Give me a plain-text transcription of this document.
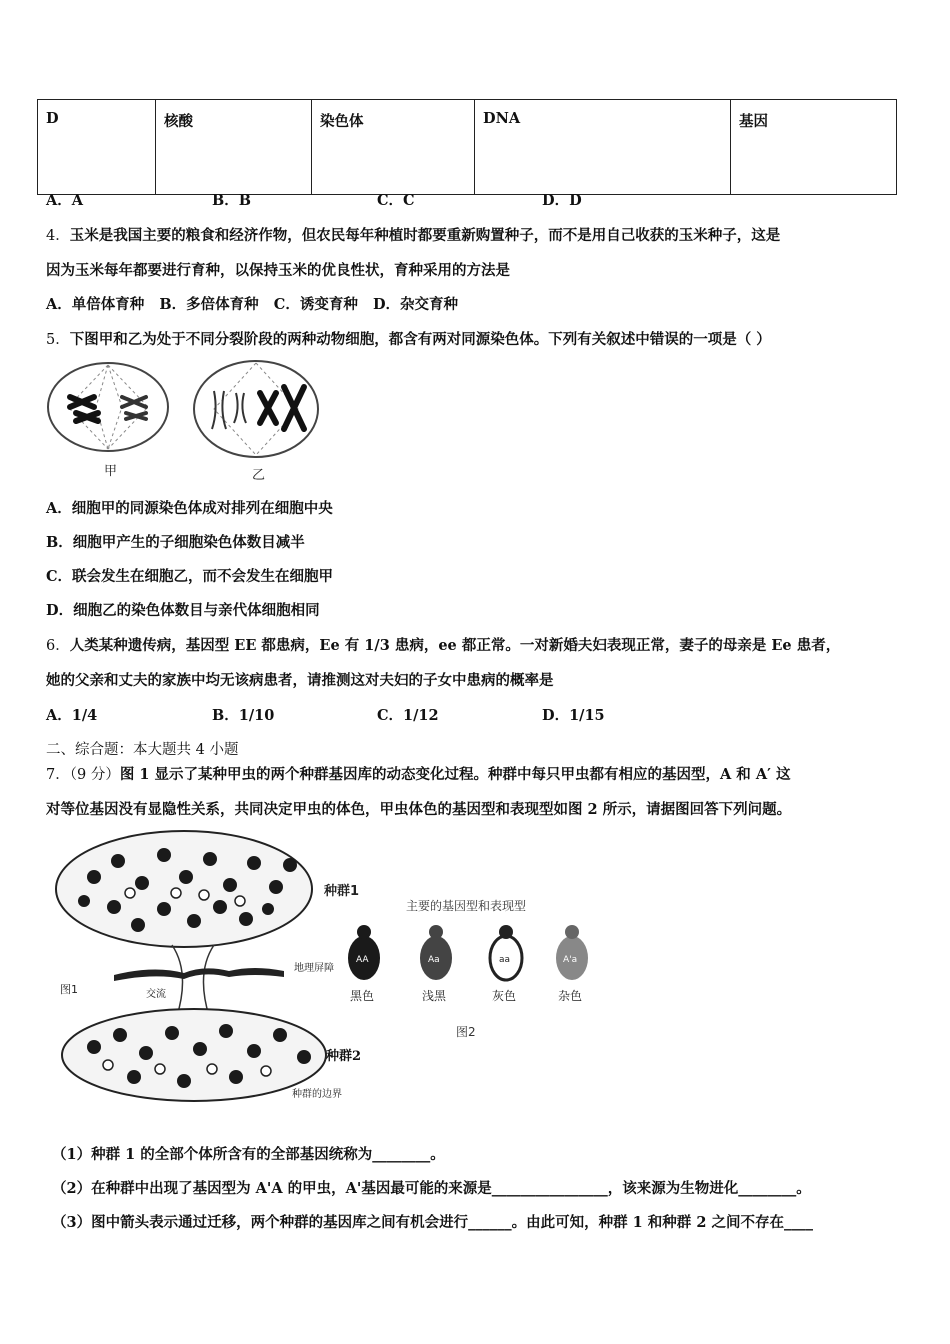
D	核酸	染色体	DNA	基因
A．A	B．B	C．C	D．D
4．玉米是我国主要的粮食和经济作物，但农民每年种植时都要重新购置种子，而不是用自己收获的玉米种子，这是
因为玉米每年都要进行育种，以保持玉米的优良性状，育种采用的方法是
A．单倍体育种   B．多倍体育种   C．诱变育种   D．杂交育种
5．下图甲和乙为处于不同分裂阶段的两种动物细胞，都含有两对同源染色体。下列有关叙述中错误的一项是（ ）
甲	乙
A．细胞甲的同源染色体成对排列在细胞中央
B．细胞甲产生的子细胞染色体数目减半
C．联会发生在细胞乙，而不会发生在细胞甲
D．细胞乙的染色体数目与亲代体细胞相同
6．人类某种遗传病，基因型 EE 都患病，Ee 有 1/3 患病，ee 都正常。一对新婚夫妇表现正常，妻子的母亲是 Ee 患者，
她的父亲和丈夫的家族中均无该病患者，请推测这对夫妇的子女中患病的概率是
A．1/4	B．1/10	C．1/12	D．1/15
二、综合题：本大题共 4 小题
7．（9 分）图 1 显示了某种甲虫的两个种群基因库的动态变化过程。种群中每只甲虫都有相应的基因型，A 和 A′ 这
对等位基因没有显隐性关系，共同决定甲虫的体色，甲虫体色的基因型和表现型如图 2 所示，请据图回答下列问题。
种群1
地理屏障
交流
图1
种群的边界
种群2
主要的基因型和表现型
AA
黑色
Aa
浅黑
aa
灰色
A'a
杂色
图2
（1）种群 1 的全部个体所含有的全部基因统称为________。
（2）在种群中出现了基因型为 A'A 的甲虫，A'基因最可能的来源是________________，该来源为生物进化________。
（3）图中箭头表示通过迁移，两个种群的基因库之间有机会进行______。由此可知，种群 1 和种群 2 之间不存在____
